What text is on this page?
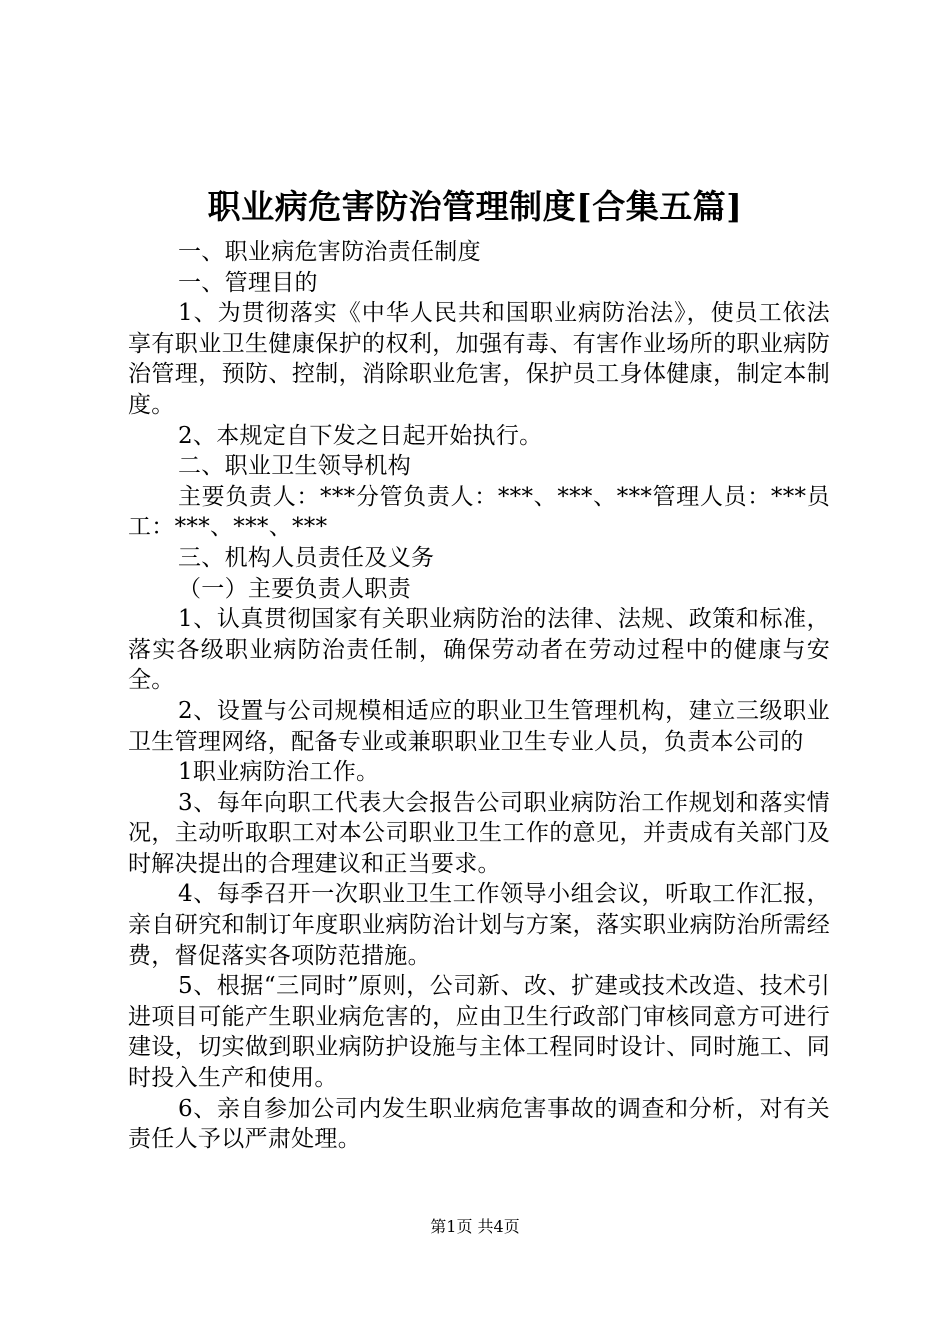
职业病危害防治管理制度[合集五篇]

一、职业病危害防治责任制度

一、管理目的

1、为贯彻落实《中华人民共和国职业病防治法》，使员工依法享有职业卫生健康保护的权利，加强有毒、有害作业场所的职业病防治管理，预防、控制，消除职业危害，保护员工身体健康，制定本制度。

2、本规定自下发之日起开始执行。

二、职业卫生领导机构

主要负责人：***分管负责人：***、***、***管理人员：***员工：***、***、***

三、机构人员责任及义务

（一）主要负责人职责

1、认真贯彻国家有关职业病防治的法律、法规、政策和标准，落实各级职业病防治责任制，确保劳动者在劳动过程中的健康与安全。

2、设置与公司规模相适应的职业卫生管理机构，建立三级职业卫生管理网络，配备专业或兼职职业卫生专业人员，负责本公司的

1职业病防治工作。

3、每年向职工代表大会报告公司职业病防治工作规划和落实情况，主动听取职工对本公司职业卫生工作的意见，并责成有关部门及时解决提出的合理建议和正当要求。

4、每季召开一次职业卫生工作领导小组会议，听取工作汇报，亲自研究和制订年度职业病防治计划与方案，落实职业病防治所需经费，督促落实各项防范措施。

5、根据“三同时”原则，公司新、改、扩建或技术改造、技术引进项目可能产生职业病危害的，应由卫生行政部门审核同意方可进行建设，切实做到职业病防护设施与主体工程同时设计、同时施工、同时投入生产和使用。

6、亲自参加公司内发生职业病危害事故的调查和分析，对有关责任人予以严肃处理。

第1页 共4页
